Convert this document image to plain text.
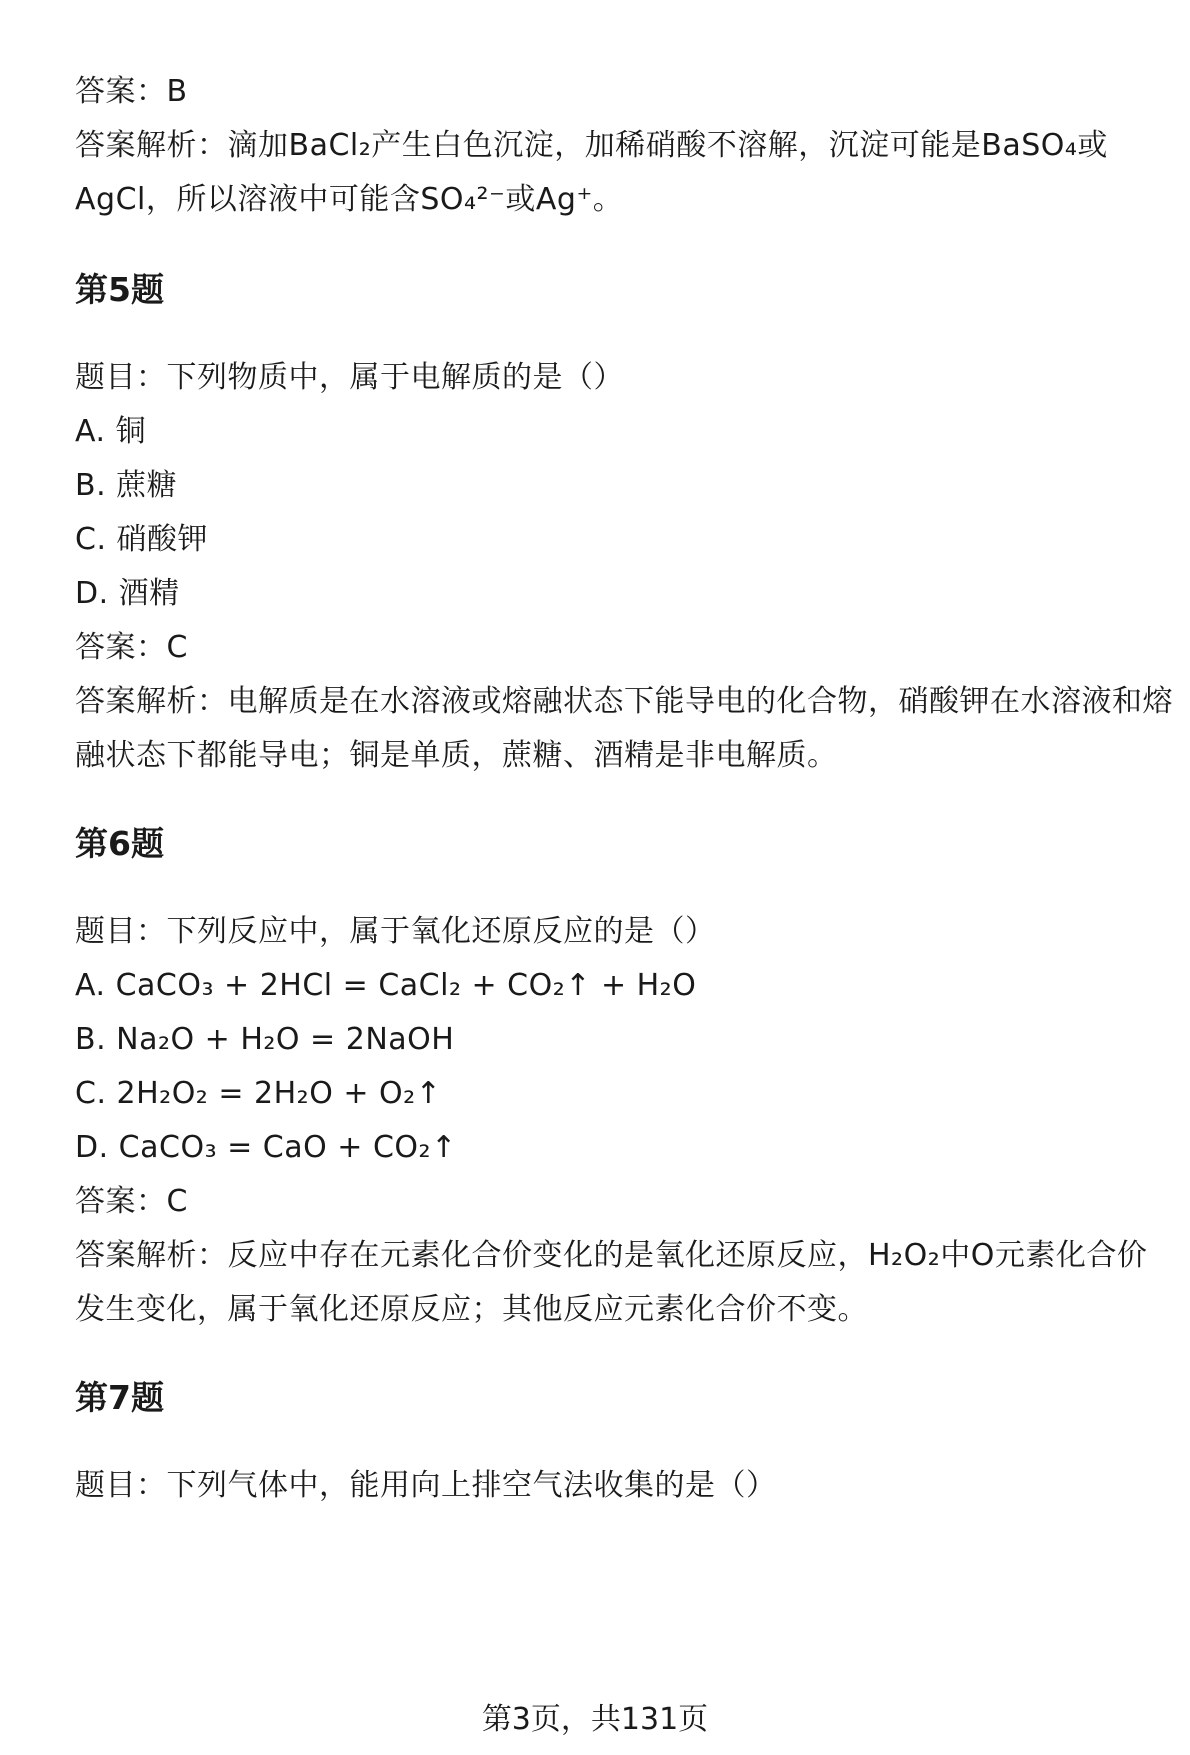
答案：B
答案解析：滴加BaCl₂产生白色沉淀，加稀硝酸不溶解，沉淀可能是BaSO₄或
AgCl，所以溶液中可能含SO₄²⁻或Ag⁺。
第5题
题目：下列物质中，属于电解质的是（）
A. 铜
B. 蔗糖
C. 硝酸钾
D. 酒精
答案：C
答案解析：电解质是在水溶液或熔融状态下能导电的化合物，硝酸钾在水溶液和熔
融状态下都能导电；铜是单质，蔗糖、酒精是非电解质。
第6题
题目：下列反应中，属于氧化还原反应的是（）
A. CaCO₃ + 2HCl = CaCl₂ + CO₂↑ + H₂O
B. Na₂O + H₂O = 2NaOH
C. 2H₂O₂ = 2H₂O + O₂↑
D. CaCO₃ = CaO + CO₂↑
答案：C
答案解析：反应中存在元素化合价变化的是氧化还原反应，H₂O₂中O元素化合价
发生变化，属于氧化还原反应；其他反应元素化合价不变。
第7题
题目：下列气体中，能用向上排空气法收集的是（）
第3页，共131页
